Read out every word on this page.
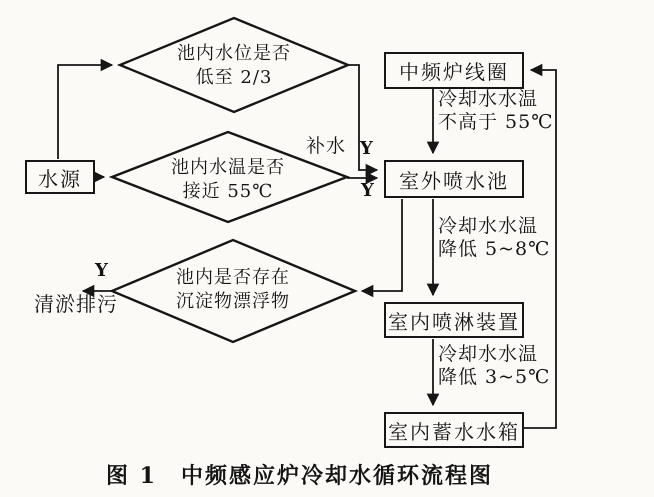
水源
中频炉线圈
室外喷水池
室内喷淋装置
室内蓄水水箱
池内水位是否
低至 2/3
池内水温是否
接近 55℃
池内是否存在
沉淀物漂浮物
补水 Y
Y
Y
清淤排污
冷却水水温
不高于 55℃
冷却水水温
降低 5~8℃
冷却水水温
降低 3~5℃
图 1　中频感应炉冷却水循环流程图
